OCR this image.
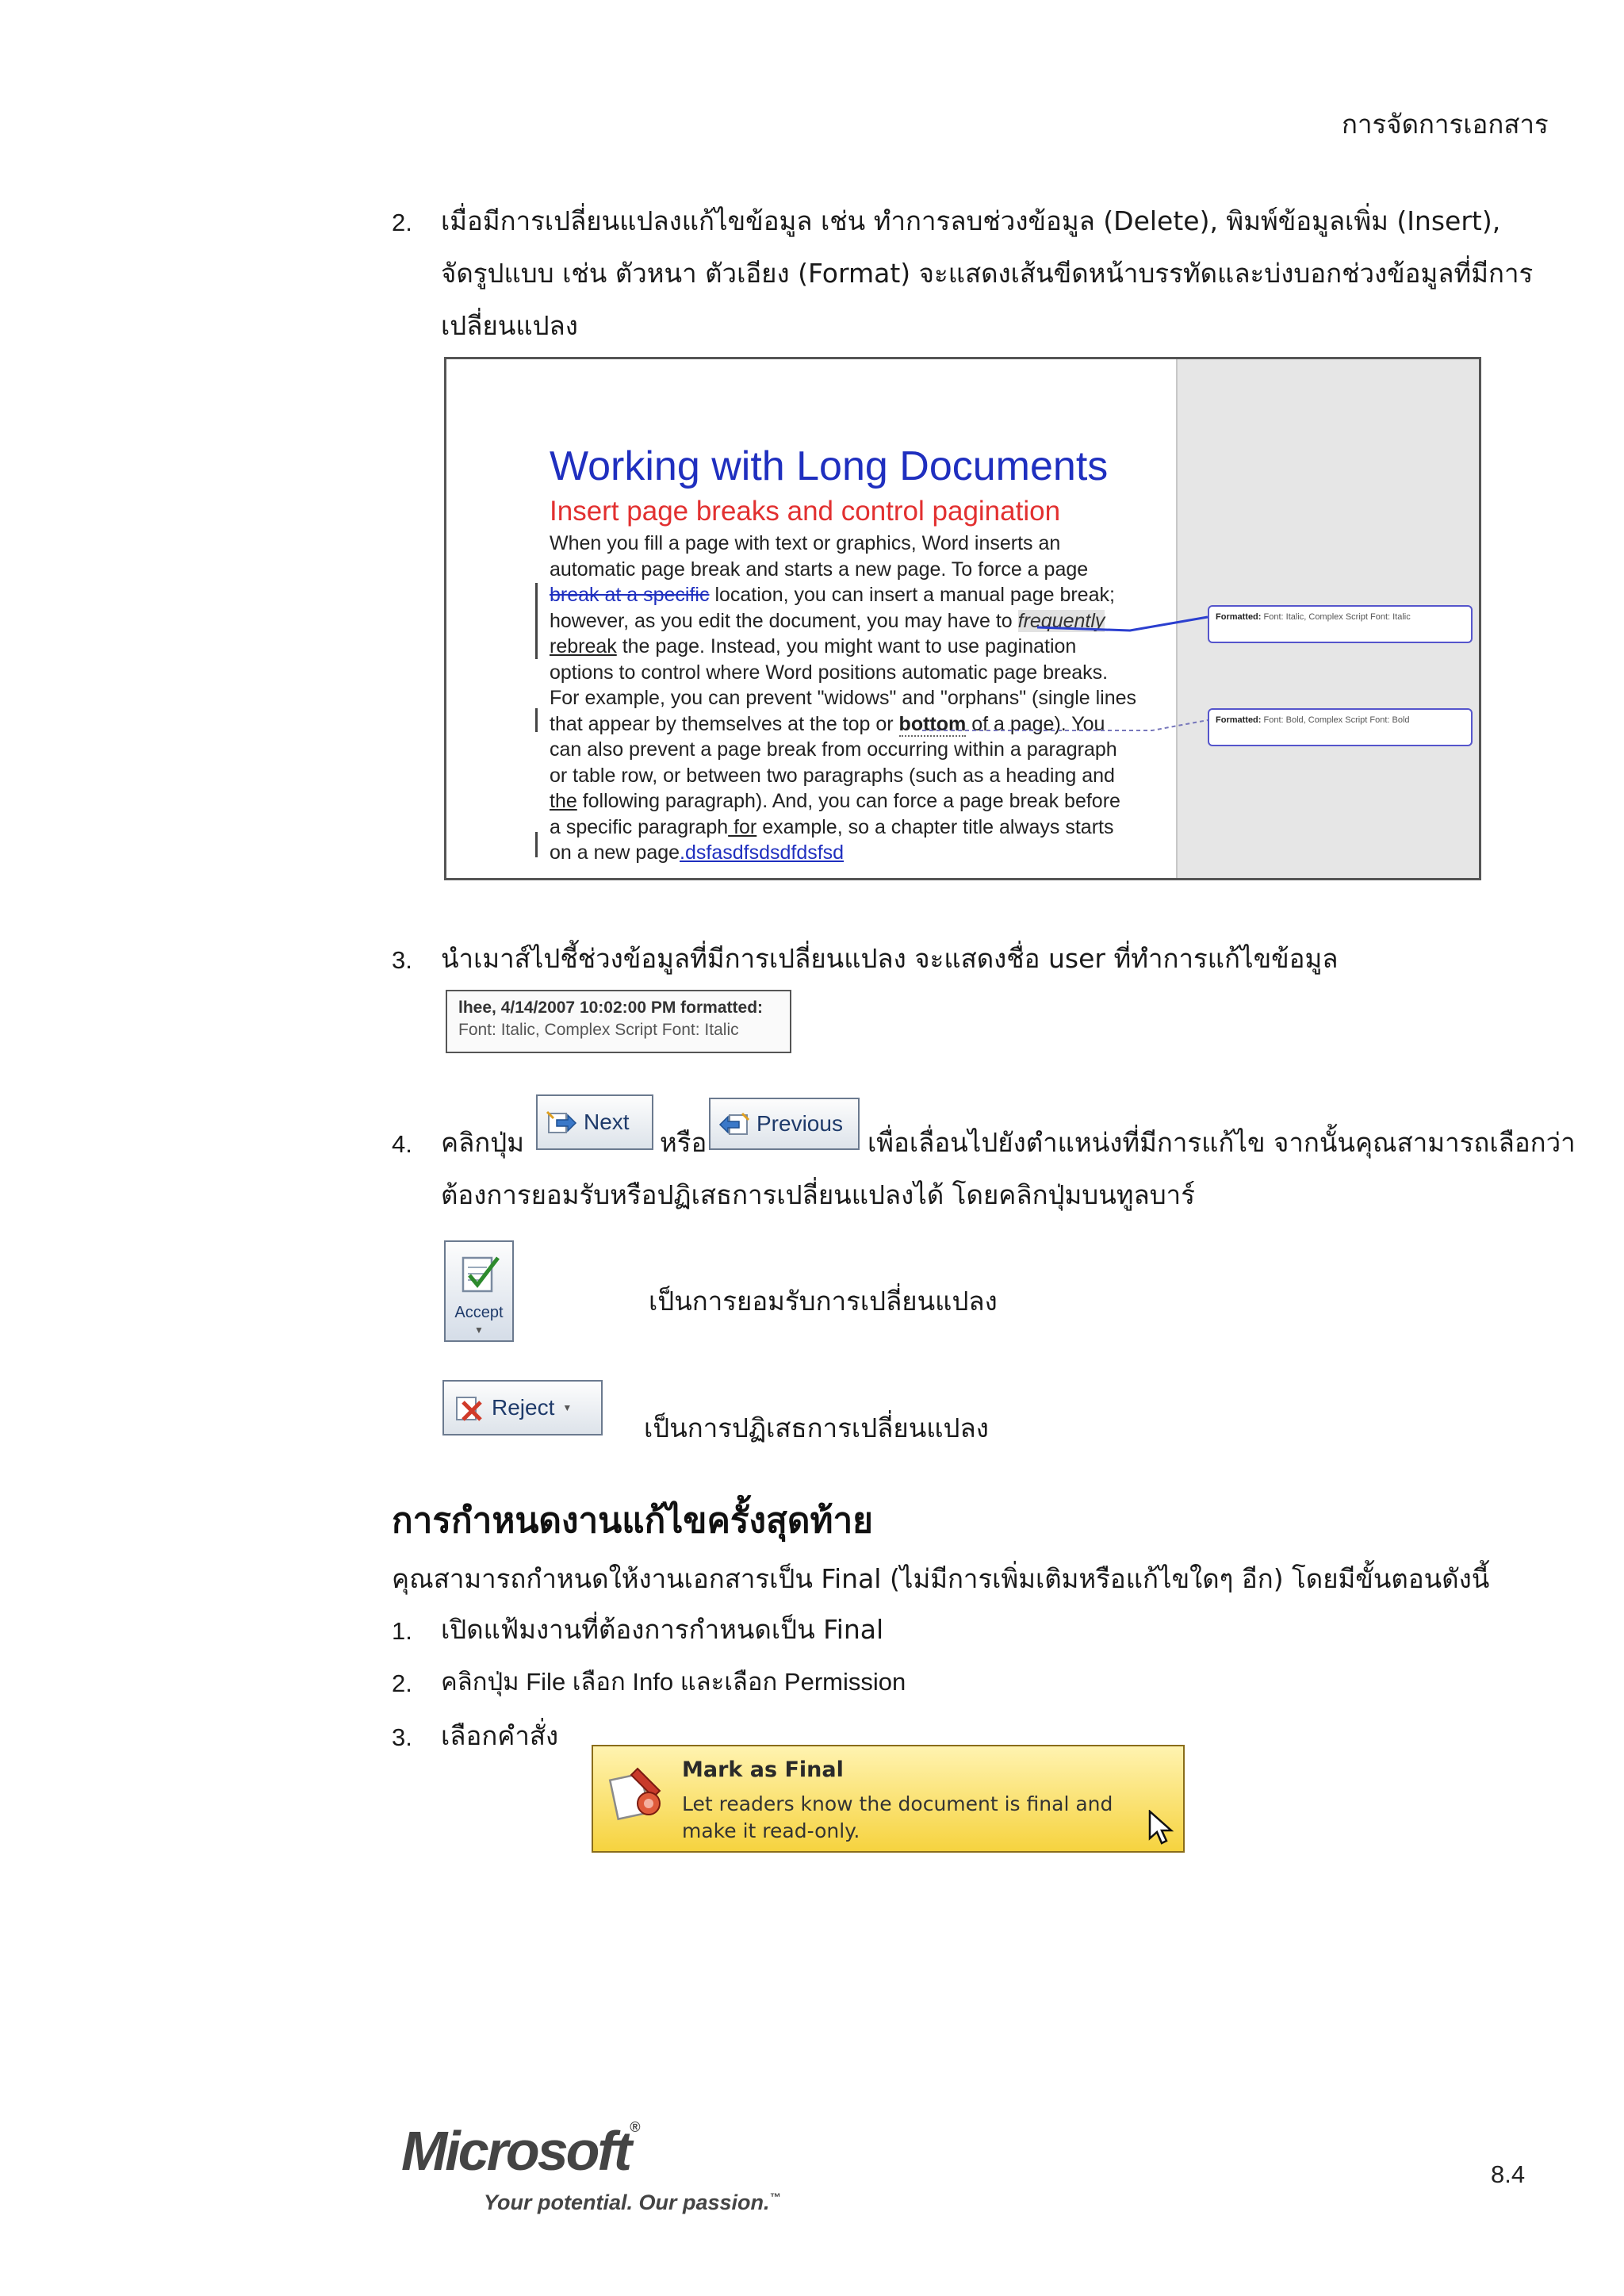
การจัดการเอกสาร
2. เมื่อมีการเปลี่ยนแปลงแก้ไขข้อมูล เช่น ทำการลบช่วงข้อมูล (Delete), พิมพ์ข้อมูลเพิ่ม (Insert),
จัดรูปแบบ เช่น ตัวหนา ตัวเอียง (Format) จะแสดงเส้นขีดหน้าบรรทัดและบ่งบอกช่วงข้อมูลที่มีการ
เปลี่ยนแปลง
Working with Long Documents
Insert page breaks and control pagination
When you fill a page with text or graphics, Word inserts an
automatic page break and starts a new page. To force a page
break at a specific location, you can insert a manual page break;
however, as you edit the document, you may have to frequently
rebreak the page. Instead, you might want to use pagination
options to control where Word positions automatic page breaks.
For example, you can prevent "widows" and "orphans" (single lines
that appear by themselves at the top or bottom of a page). You
can also prevent a page break from occurring within a paragraph
or table row, or between two paragraphs (such as a heading and
the following paragraph). And, you can force a page break before
a specific paragraph for example, so a chapter title always starts
on a new page.dsfasdfsdsdfdsfsd
Formatted: Font: Italic, Complex Script Font: Italic
Formatted: Font: Bold, Complex Script Font: Bold
3. นำเมาส์ไปชี้ช่วงข้อมูลที่มีการเปลี่ยนแปลง จะแสดงชื่อ user ที่ทำการแก้ไขข้อมูล
lhee, 4/14/2007 10:02:00 PM formatted:
Font: Italic, Complex Script Font: Italic
4. คลิกปุ่ม
Next
หรือ
Previous
เพื่อเลื่อนไปยังตำแหน่งที่มีการแก้ไข จากนั้นคุณสามารถเลือกว่า
ต้องการยอมรับหรือปฏิเสธการเปลี่ยนแปลงได้ โดยคลิกปุ่มบนทูลบาร์
Accept
▼
เป็นการยอมรับการเปลี่ยนแปลง
Reject ▼
เป็นการปฏิเสธการเปลี่ยนแปลง
การกำหนดงานแก้ไขครั้งสุดท้าย
คุณสามารถกำหนดให้งานเอกสารเป็น Final (ไม่มีการเพิ่มเติมหรือแก้ไขใดๆ อีก) โดยมีขั้นตอนดังนี้
1. เปิดแฟ้มงานที่ต้องการกำหนดเป็น Final
2. คลิกปุ่ม File เลือก Info และเลือก Permission
3. เลือกคำสั่ง
Mark as Final
Let readers know the document is final and
make it read-only.
Microsoft®
Your potential. Our passion.™
8.4
